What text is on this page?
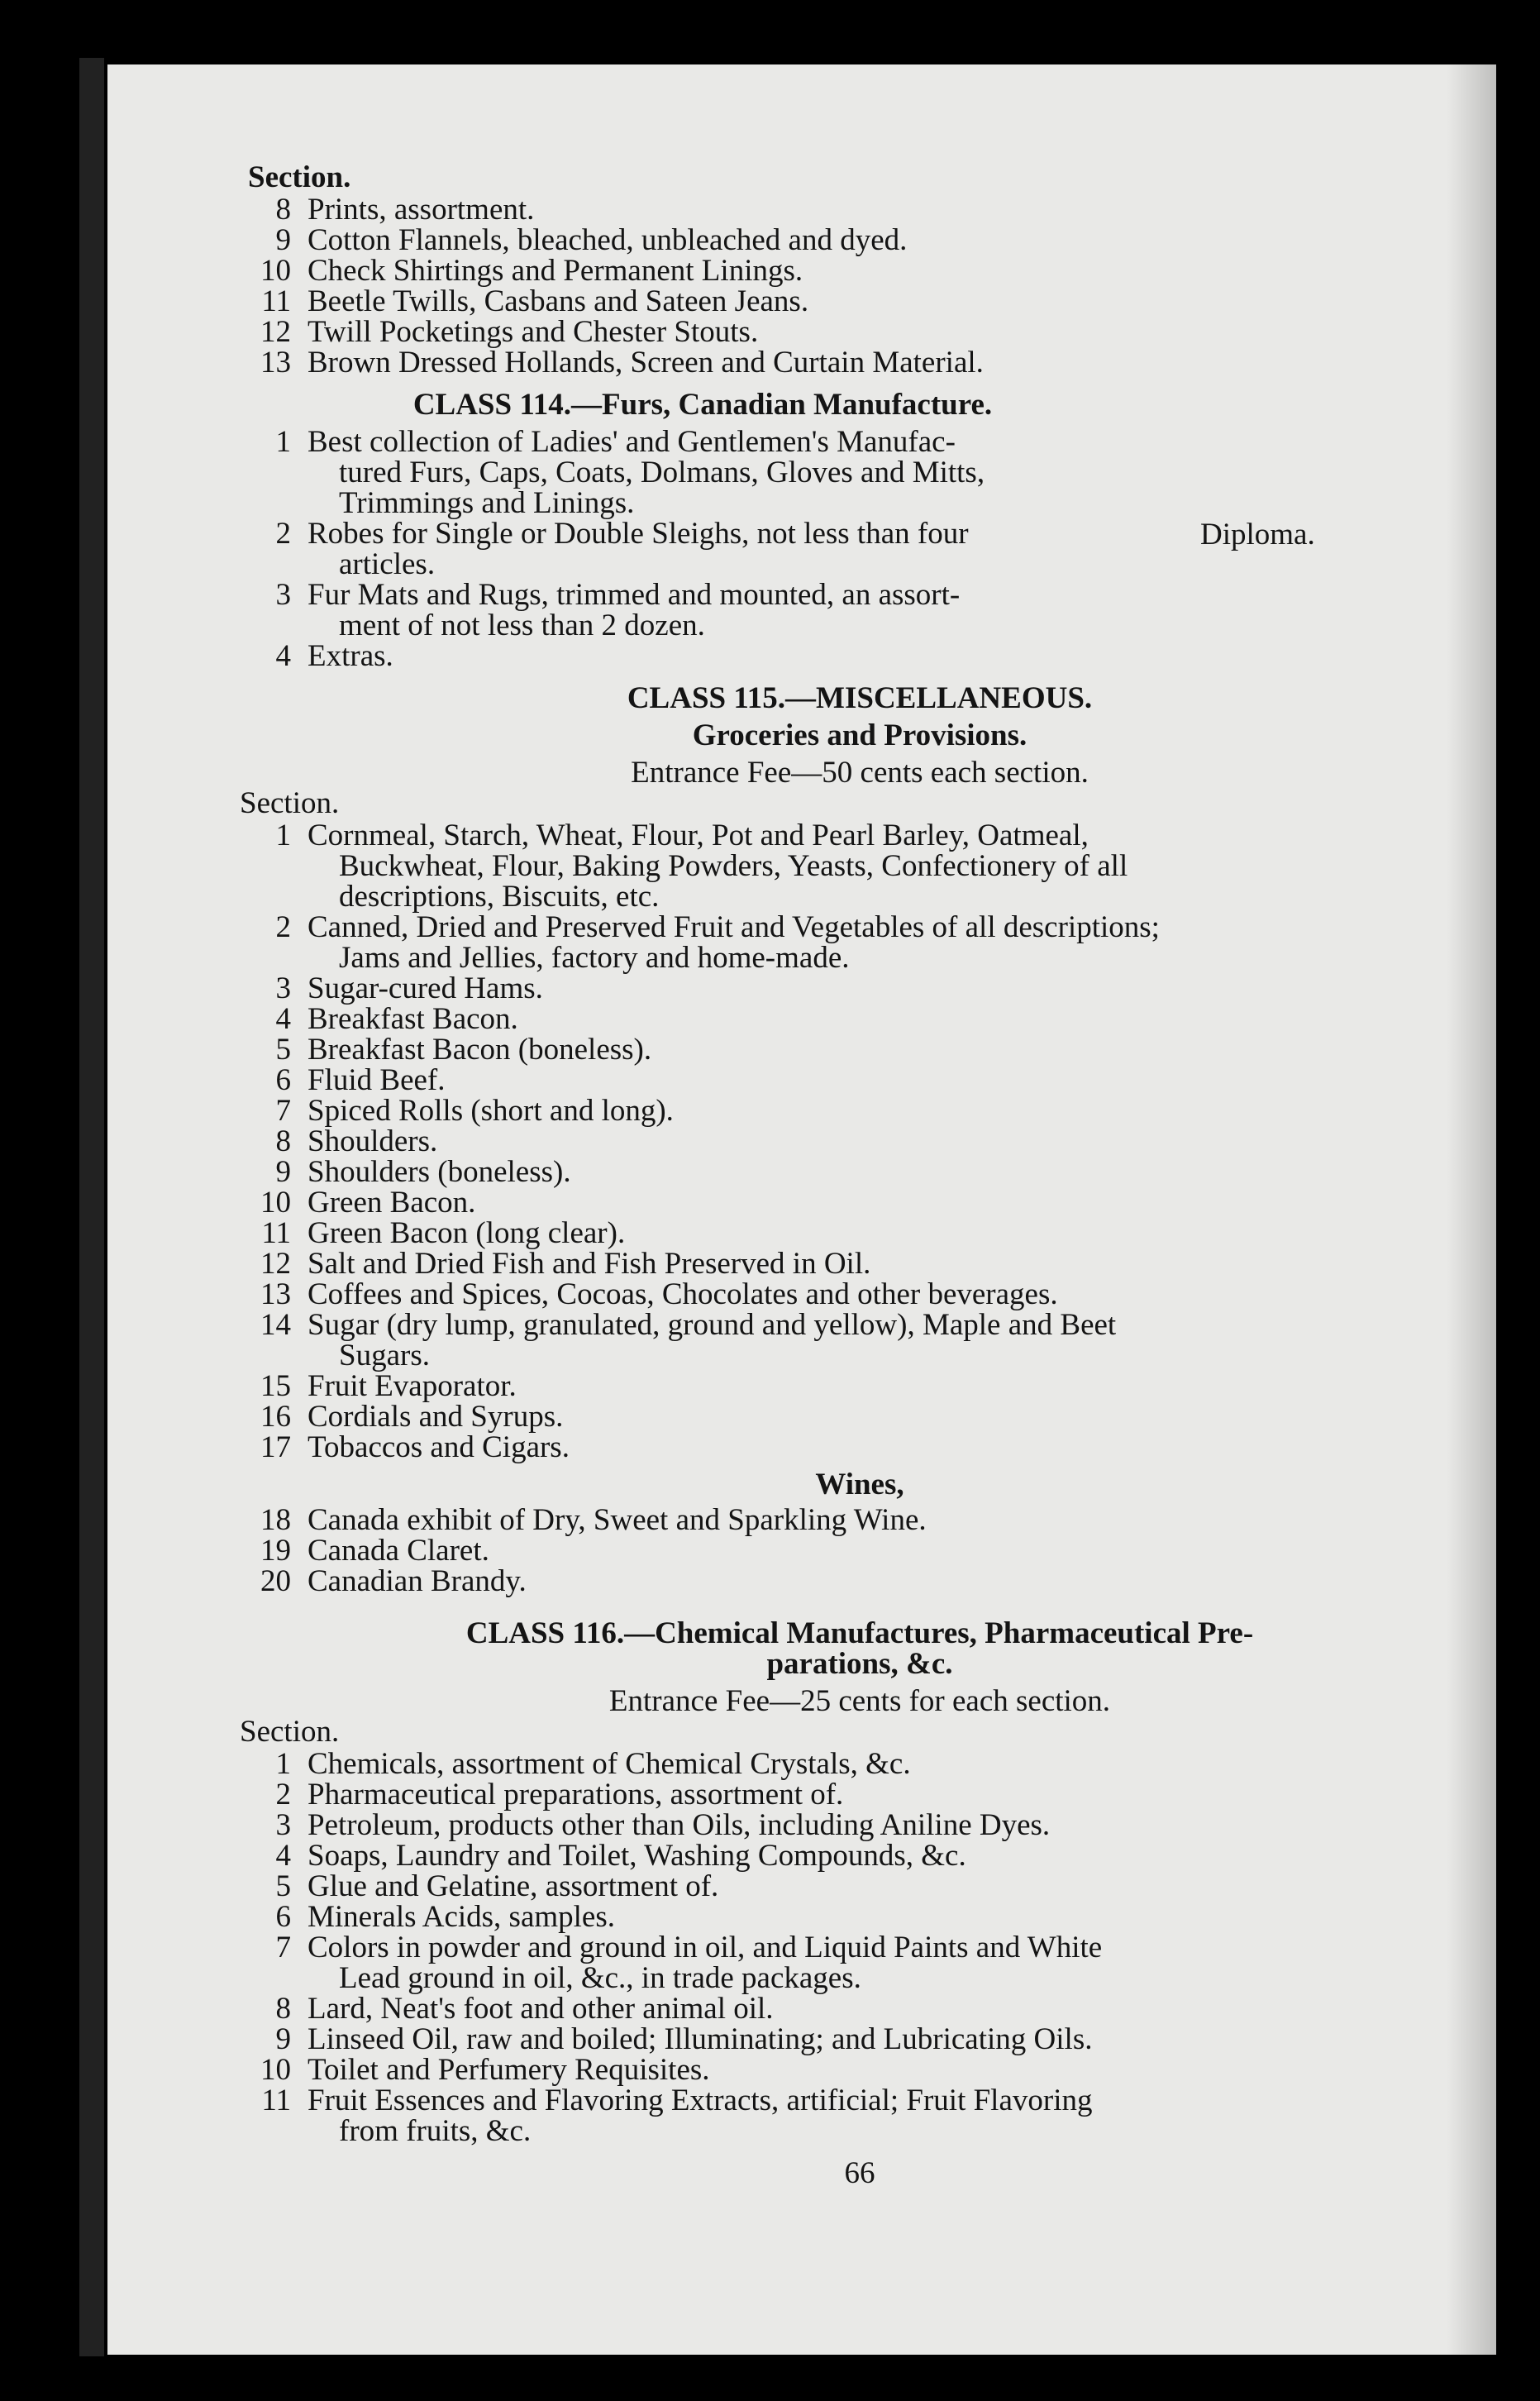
Section.
8 Prints, assortment.
9 Cotton Flannels, bleached, unbleached and dyed.
10 Check Shirtings and Permanent Linings.
11 Beetle Twills, Casbans and Sateen Jeans.
12 Twill Pocketings and Chester Stouts.
13 Brown Dressed Hollands, Screen and Curtain Material.
CLASS 114.—Furs, Canadian Manufacture.
1 Best collection of Ladies' and Gentlemen's Manufac-
tured Furs, Caps, Coats, Dolmans, Gloves and Mitts,
Trimmings and Linings.
2 Robes for Single or Double Sleighs, not less than four
articles.
Diploma.
3 Fur Mats and Rugs, trimmed and mounted, an assort-
ment of not less than 2 dozen.
4 Extras.
CLASS 115.—MISCELLANEOUS.
Groceries and Provisions.
Entrance Fee—50 cents each section.
Section.
1 Cornmeal, Starch, Wheat, Flour, Pot and Pearl Barley, Oatmeal,
Buckwheat, Flour, Baking Powders, Yeasts, Confectionery of all
descriptions, Biscuits, etc.
2 Canned, Dried and Preserved Fruit and Vegetables of all descriptions;
Jams and Jellies, factory and home-made.
3 Sugar-cured Hams.
4 Breakfast Bacon.
5 Breakfast Bacon (boneless).
6 Fluid Beef.
7 Spiced Rolls (short and long).
8 Shoulders.
9 Shoulders (boneless).
10 Green Bacon.
11 Green Bacon (long clear).
12 Salt and Dried Fish and Fish Preserved in Oil.
13 Coffees and Spices, Cocoas, Chocolates and other beverages.
14 Sugar (dry lump, granulated, ground and yellow), Maple and Beet
Sugars.
15 Fruit Evaporator.
16 Cordials and Syrups.
17 Tobaccos and Cigars.
Wines,
18 Canada exhibit of Dry, Sweet and Sparkling Wine.
19 Canada Claret.
20 Canadian Brandy.
CLASS 116.—Chemical Manufactures, Pharmaceutical Pre-
parations, &c.
Entrance Fee—25 cents for each section.
Section.
1 Chemicals, assortment of Chemical Crystals, &c.
2 Pharmaceutical preparations, assortment of.
3 Petroleum, products other than Oils, including Aniline Dyes.
4 Soaps, Laundry and Toilet, Washing Compounds, &c.
5 Glue and Gelatine, assortment of.
6 Minerals Acids, samples.
7 Colors in powder and ground in oil, and Liquid Paints and White
Lead ground in oil, &c., in trade packages.
8 Lard, Neat's foot and other animal oil.
9 Linseed Oil, raw and boiled; Illuminating; and Lubricating Oils.
10 Toilet and Perfumery Requisites.
11 Fruit Essences and Flavoring Extracts, artificial; Fruit Flavoring
from fruits, &c.
66
